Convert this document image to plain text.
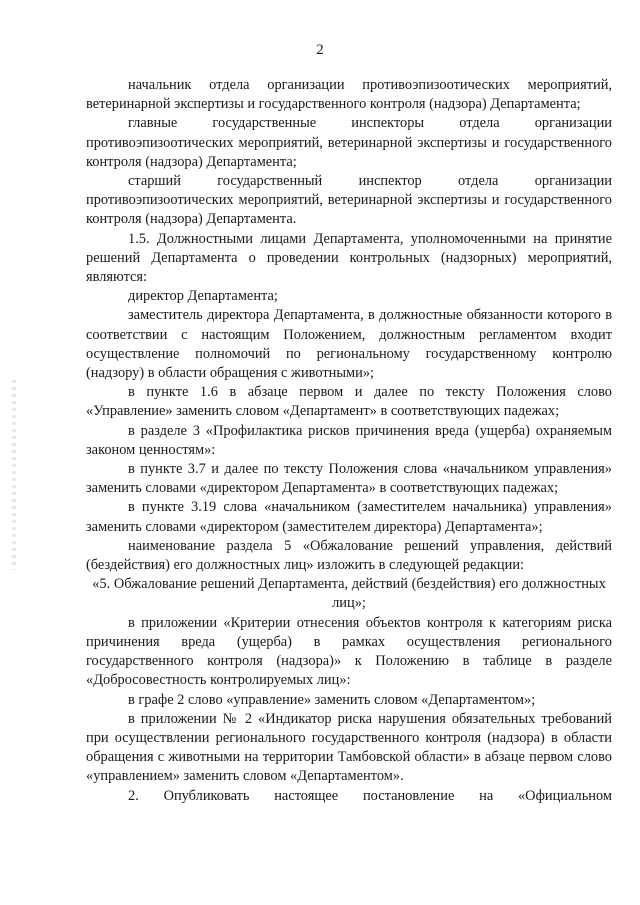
2

начальник отдела организации противоэпизоотических мероприятий, ветеринарной экспертизы и государственного контроля (надзора) Департамента;

главные государственные инспекторы отдела организации противоэпизоотических мероприятий, ветеринарной экспертизы и государственного контроля (надзора) Департамента;

старший государственный инспектор отдела организации противоэпизоотических мероприятий, ветеринарной экспертизы и государственного контроля (надзора) Департамента.

1.5. Должностными лицами Департамента, уполномоченными на принятие решений Департамента о проведении контрольных (надзорных) мероприятий, являются:

директор Департамента;

заместитель директора Департамента, в должностные обязанности которого в соответствии с настоящим Положением, должностным регламентом входит осуществление полномочий по региональному государственному контролю (надзору) в области обращения с животными»;

в пункте 1.6 в абзаце первом и далее по тексту Положения слово «Управление» заменить словом «Департамент» в соответствующих падежах;

в разделе 3 «Профилактика рисков причинения вреда (ущерба) охраняемым законом ценностям»:

в пункте 3.7 и далее по тексту Положения слова «начальником управления» заменить словами «директором Департамента» в соответствующих падежах;

в пункте 3.19 слова «начальником (заместителем начальника) управления» заменить словами «директором (заместителем директора) Департамента»;

наименование раздела 5 «Обжалование решений управления, действий (бездействия) его должностных лиц» изложить в следующей редакции:

«5. Обжалование решений Департамента, действий (бездействия) его должностных лиц»;

в приложении «Критерии отнесения объектов контроля к категориям риска причинения вреда (ущерба) в рамках осуществления регионального государственного контроля (надзора)» к Положению в таблице в разделе «Добросовестность контролируемых лиц»:

в графе 2 слово «управление» заменить словом «Департаментом»;

в приложении № 2 «Индикатор риска нарушения обязательных требований при осуществлении регионального государственного контроля (надзора) в области обращения с животными на территории Тамбовской области» в абзаце первом слово «управлением» заменить словом «Департаментом».

2. Опубликовать настоящее постановление на «Официальном
